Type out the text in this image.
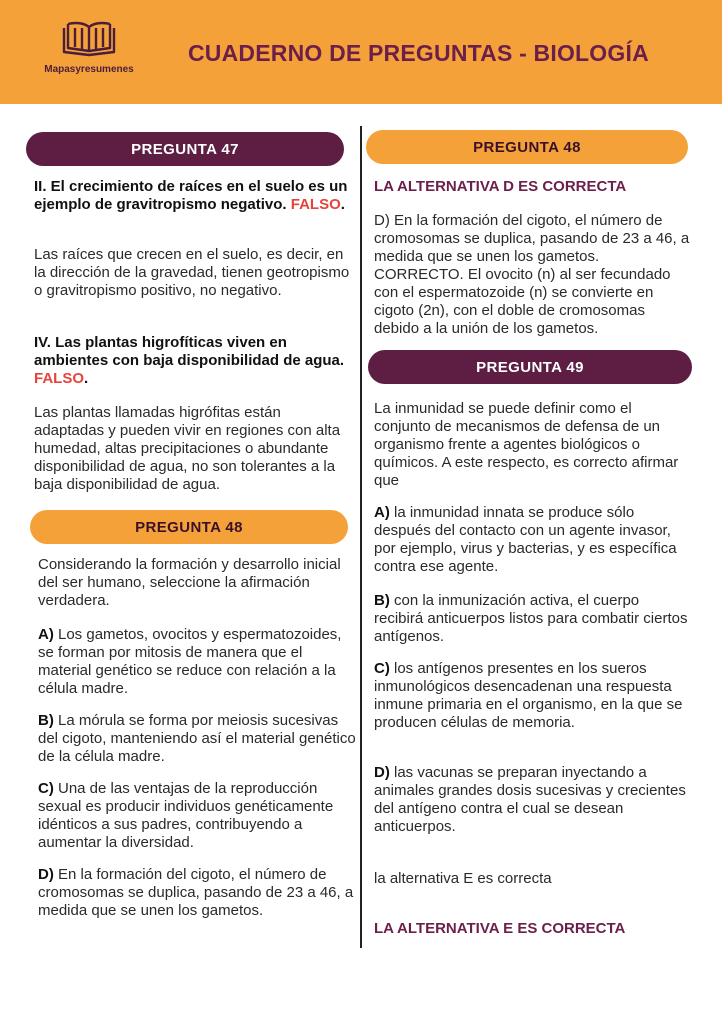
Mapasyresumenes
CUADERNO DE PREGUNTAS - BIOLOGÍA
PREGUNTA 47
II. El crecimiento de raíces en el suelo es un ejemplo de gravitropismo negativo. FALSO.
Las raíces que crecen en el suelo, es decir, en la dirección de la gravedad, tienen geotropismo o gravitropismo positivo, no negativo.
IV. Las plantas higrofíticas viven en ambientes con baja disponibilidad de agua. FALSO.
Las plantas llamadas higrófitas están adaptadas y pueden vivir en regiones con alta humedad, altas precipitaciones o abundante disponibilidad de agua, no son tolerantes a la baja disponibilidad de agua.
PREGUNTA 48
Considerando la formación y desarrollo inicial del ser humano, seleccione la afirmación verdadera.
A) Los gametos, ovocitos y espermatozoides, se forman por mitosis de manera que el material genético se reduce con relación a la célula madre.
B) La mórula se forma por meiosis sucesivas del cigoto, manteniendo así el material genético de la célula madre.
C) Una de las ventajas de la reproducción sexual es producir individuos genéticamente idénticos a sus padres, contribuyendo a aumentar la diversidad.
D) En la formación del cigoto, el número de cromosomas se duplica, pasando de 23 a 46, a medida que se unen los gametos.
PREGUNTA 48
LA ALTERNATIVA D ES CORRECTA
D) En la formación del cigoto, el número de cromosomas se duplica, pasando de 23 a 46, a medida que se unen los gametos. CORRECTO. El ovocito (n) al ser fecundado con el espermatozoide (n) se convierte en cigoto (2n), con el doble de cromosomas debido a la unión de los gametos.
PREGUNTA 49
La inmunidad se puede definir como el conjunto de mecanismos de defensa de un organismo frente a agentes biológicos o químicos. A este respecto, es correcto afirmar que
A) la inmunidad innata se produce sólo después del contacto con un agente invasor, por ejemplo, virus y bacterias, y es específica contra ese agente.
B) con la inmunización activa, el cuerpo recibirá anticuerpos listos para combatir ciertos antígenos.
C) los antígenos presentes en los sueros inmunológicos desencadenan una respuesta inmune primaria en el organismo, en la que se producen células de memoria.
D) las vacunas se preparan inyectando a animales grandes dosis sucesivas y crecientes del antígeno contra el cual se desean anticuerpos.
la alternativa E es correcta
LA ALTERNATIVA E ES CORRECTA
